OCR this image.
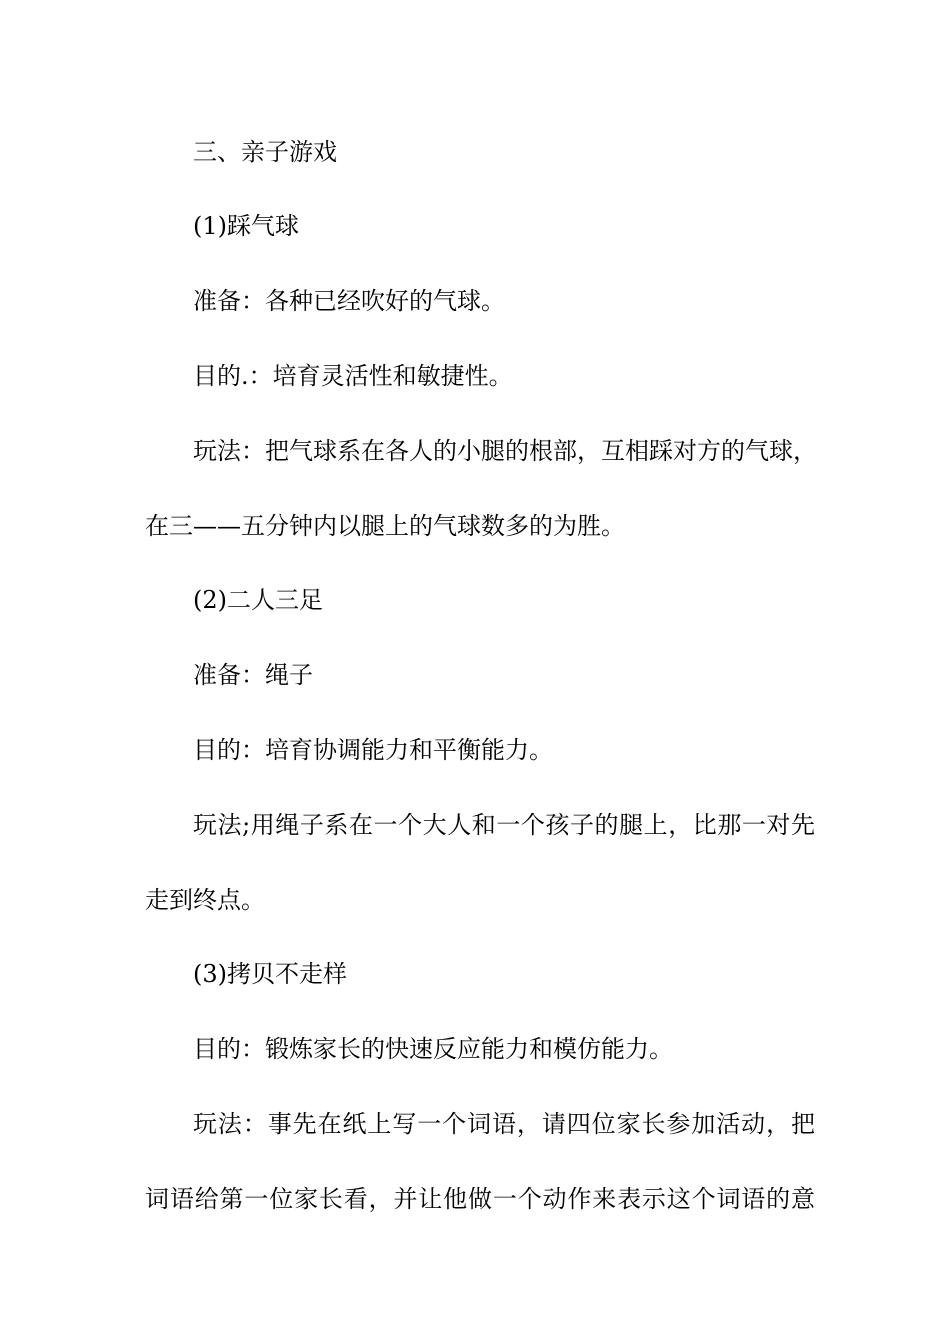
三、亲子游戏
(1)踩气球
准备：各种已经吹好的气球。
目的.：培育灵活性和敏捷性。
玩法：把气球系在各人的小腿的根部，互相踩对方的气球，
在三——五分钟内以腿上的气球数多的为胜。
(2)二人三足
准备：绳子
目的：培育协调能力和平衡能力。
玩法;用绳子系在一个大人和一个孩子的腿上，比那一对先
走到终点。
(3)拷贝不走样
目的：锻炼家长的快速反应能力和模仿能力。
玩法：事先在纸上写一个词语，请四位家长参加活动，把
词语给第一位家长看，并让他做一个动作来表示这个词语的意
